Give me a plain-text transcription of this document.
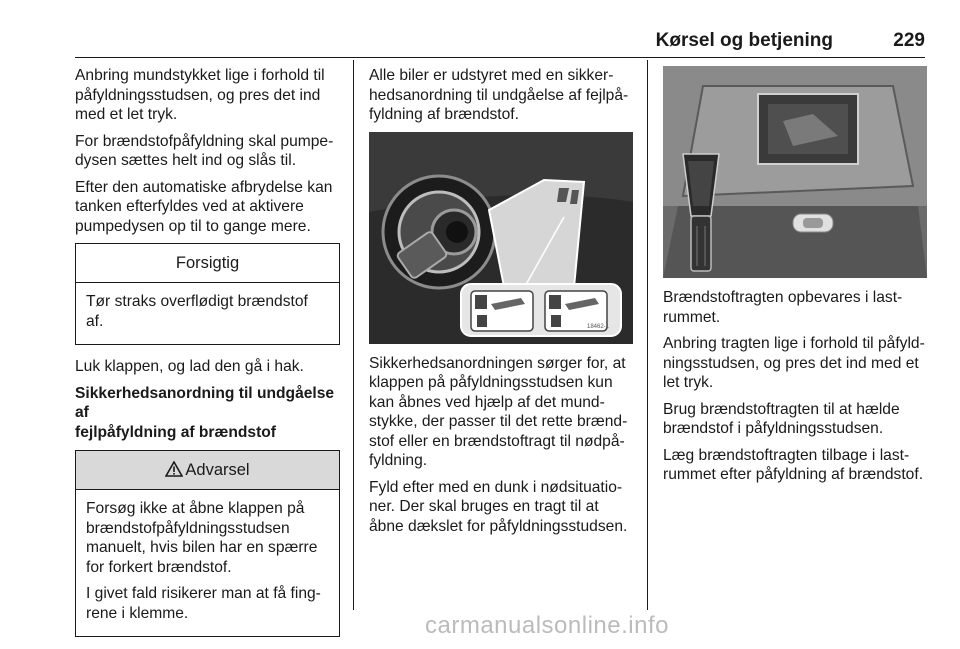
Kørsel og betjening	229

Anbring mundstykket lige i forhold til
påfyldningsstudsen, og pres det ind
med et let tryk.

For brændstofpåfyldning skal pumpe-
dysen sættes helt ind og slås til.

Efter den automatiske afbrydelse kan
tanken efterfyldes ved at aktivere
pumpedysen op til to gange mere.

Forsigtig

Tør straks overflødigt brændstof
af.

Luk klappen, og lad den gå i hak.

Sikkerhedsanordning til undgåelse af
fejlpåfyldning af brændstof
Advarsel

Forsøg ikke at åbne klappen på
brændstofpåfyldningsstudsen
manuelt, hvis bilen har en spærre
for forkert brændstof.

I givet fald risikerer man at få fing-
rene i klemme.

Alle biler er udstyret med en sikker-
hedsanordning til undgåelse af fejlpå-
fyldning af brændstof.

18462-1

Sikkerhedsanordningen sørger for, at
klappen på påfyldningsstudsen kun
kan åbnes ved hjælp af det mund-
stykke, der passer til det rette brænd-
stof eller en brændstoftragt til nødpå-
fyldning.

Fyld efter med en dunk i nødsituatio-
ner. Der skal bruges en tragt til at
åbne dækslet for påfyldningsstudsen.

Brændstoftragten opbevares i last-
rummet.

Anbring tragten lige i forhold til påfyld-
ningsstudsen, og pres det ind med et
let tryk.

Brug brændstoftragten til at hælde
brændstof i påfyldningsstudsen.

Læg brændstoftragten tilbage i last-
rummet efter påfyldning af brændstof.

carmanualsonline.info
